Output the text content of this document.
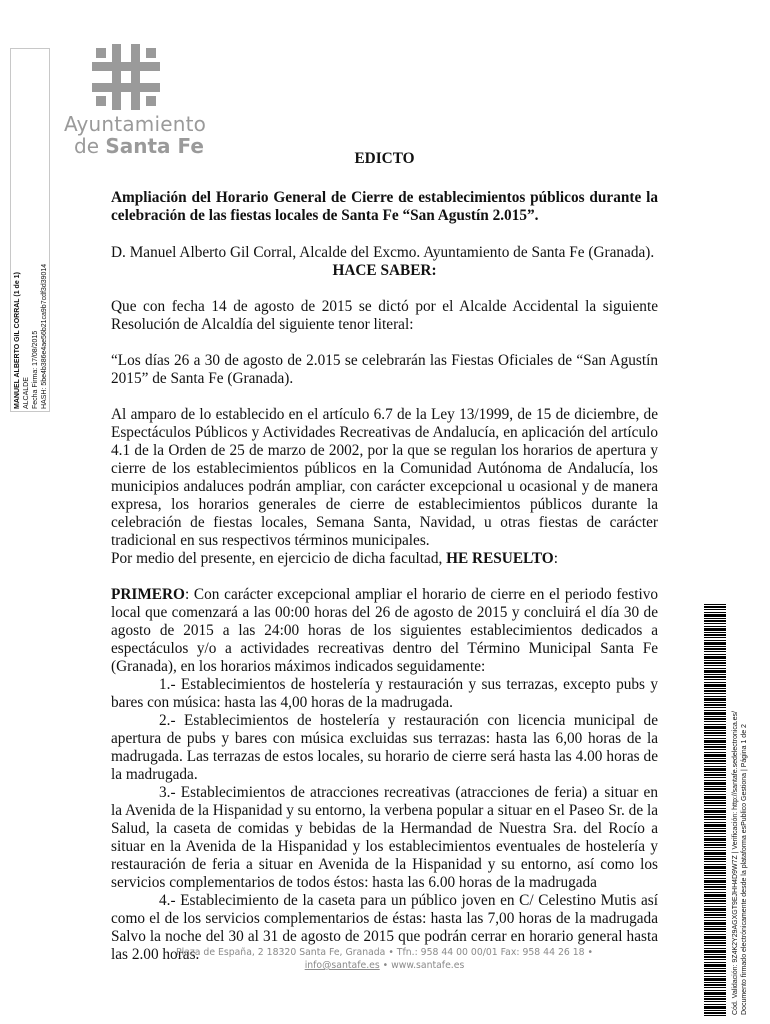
Ayuntamiento
de Santa Fe
MANUEL ALBERTO GIL CORRAL (1 de 1) ALCALDE Fecha Firma: 17/08/2015 HASH: 5be4b386e4ae56b21ca9b7cdf3d39014

EDICTO

Ampliación del Horario General de Cierre de establecimientos públicos durante la celebración de las fiestas locales de Santa Fe “San Agustín 2.015”.

D. Manuel Alberto Gil Corral, Alcalde del Excmo. Ayuntamiento de Santa Fe (Granada).

HACE SABER:

Que con fecha 14 de agosto de 2015 se dictó por el Alcalde Accidental la siguiente Resolución de Alcaldía del siguiente tenor literal:

“Los días 26 a 30 de agosto de 2.015 se celebrarán las Fiestas Oficiales de “San Agustín 2015” de Santa Fe (Granada).

Al amparo de lo establecido en el artículo 6.7 de la Ley 13/1999, de 15 de diciembre, de Espectáculos Públicos y Actividades Recreativas de Andalucía, en aplicación del artículo 4.1 de la Orden de 25 de marzo de 2002, por la que se regulan los horarios de apertura y cierre de los establecimientos públicos en la Comunidad Autónoma de Andalucía, los municipios andaluces podrán ampliar, con carácter excepcional u ocasional y de manera expresa, los horarios generales de cierre de establecimientos públicos durante la celebración de fiestas locales, Semana Santa, Navidad, u otras fiestas de carácter tradicional en sus respectivos términos municipales.

Por medio del presente, en ejercicio de dicha facultad, HE RESUELTO:

PRIMERO: Con carácter excepcional ampliar el horario de cierre en el periodo festivo local que comenzará a las 00:00 horas del 26 de agosto de 2015 y concluirá el día 30 de agosto de 2015 a las 24:00 horas de los siguientes establecimientos dedicados a espectáculos y/o a actividades recreativas dentro del Término Municipal Santa Fe (Granada), en los horarios máximos indicados seguidamente:

1.- Establecimientos de hostelería y restauración y sus terrazas, excepto pubs y bares con música: hasta las 4,00 horas de la madrugada.

2.- Establecimientos de hostelería y restauración con licencia municipal de apertura de pubs y bares con música excluidas sus terrazas: hasta las 6,00 horas de la madrugada. Las terrazas de estos locales, su horario de cierre será hasta las 4.00 horas de la madrugada.

3.- Establecimientos de atracciones recreativas (atracciones de feria) a situar en la Avenida de la Hispanidad y su entorno, la verbena popular a situar en el Paseo Sr. de la Salud, la caseta de comidas y bebidas de la Hermandad de Nuestra Sra. del Rocío a situar en la Avenida de la Hispanidad y los establecimientos eventuales de hostelería y restauración de feria a situar en Avenida de la Hispanidad y su entorno, así como los servicios complementarios de todos éstos: hasta las 6.00 horas de la madrugada

4.- Establecimiento de la caseta para un público joven en C/ Celestino Mutis así como el de los servicios complementarios de éstas: hasta las 7,00 horas de la madrugada Salvo la noche del 30 al 31 de agosto de 2015 que podrán cerrar en horario general hasta las 2.00 horas.

Plaza de España, 2 18320 Santa Fe, Granada • Tfn.: 958 44 00 00/01 Fax: 958 44 26 18 •
info@santafe.es • www.santafe.es	Cód. Validación: 9Z4K2Y29AGXGT9EJHH4D9W7Z | Verificación: http://santafe.sedelectronica.es/ Documento firmado electrónicamente desde la plataforma esPublico Gestiona | Página 1 de 2
